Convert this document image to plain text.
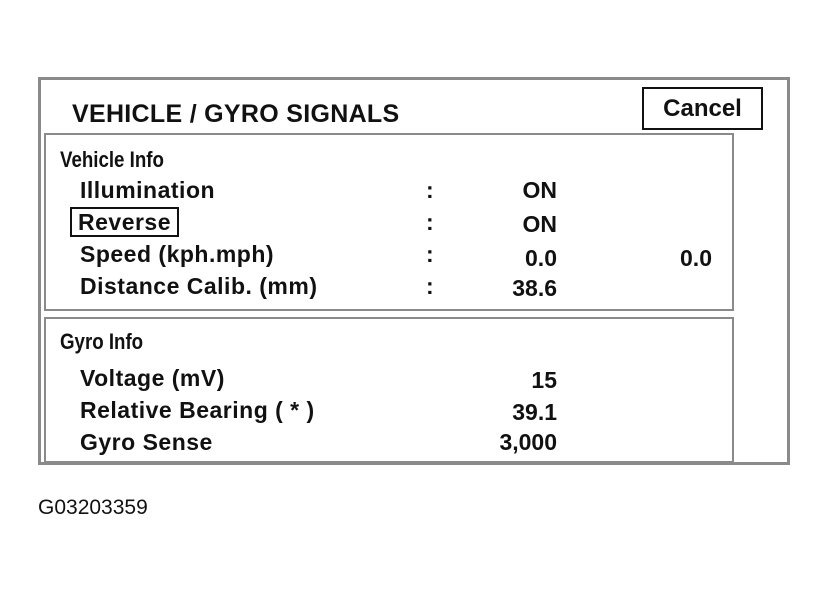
VEHICLE / GYRO SIGNALS	Cancel
Vehicle Info
Illumination	:	ON
Reverse	:	ON
Speed (kph.mph)	:	0.0	0.0
Distance Calib. (mm)	:	38.6
Gyro Info
Voltage (mV)	15
Relative Bearing ( * )	39.1
Gyro Sense	3,000
G03203359
